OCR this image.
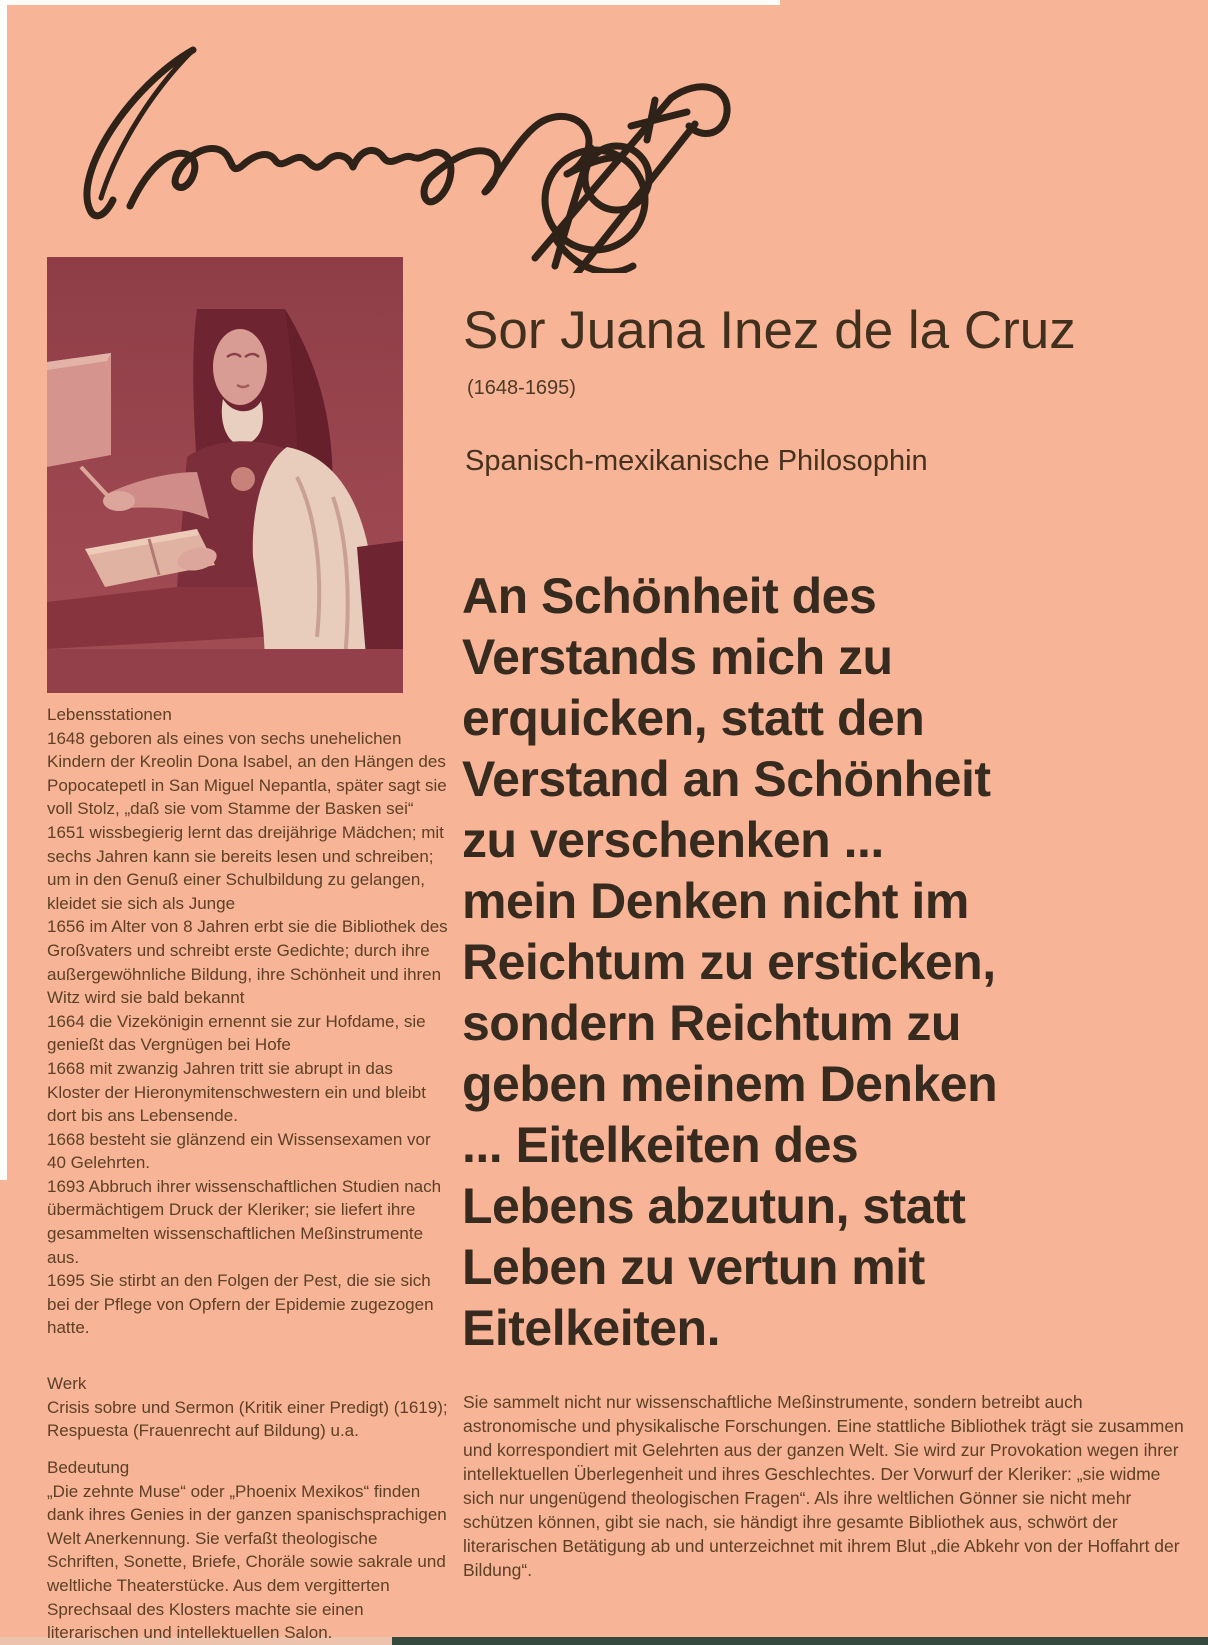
Sor Juana Inez de la Cruz
(1648-1695)
Spanisch-mexikanische Philosophin
An Schönheit des
Verstands mich zu
erquicken, statt den
Verstand an Schönheit
zu verschenken ...
mein Denken nicht im
Reichtum zu ersticken,
sondern Reichtum zu
geben meinem Denken
... Eitelkeiten des
Lebens abzutun, statt
Leben zu vertun mit
Eitelkeiten.
Lebensstationen
1648 geboren als eines von sechs unehelichen Kindern der Kreolin Dona Isabel, an den Hängen des Popocatepetl in San Miguel Nepantla, später sagt sie voll Stolz, „daß sie vom Stamme der Basken sei“
1651 wissbegierig lernt das dreijährige Mädchen; mit sechs Jahren kann sie bereits lesen und schreiben; um in den Genuß einer Schulbildung zu gelangen, kleidet sie sich als Junge
1656 im Alter von 8 Jahren erbt sie die Bibliothek des Großvaters und schreibt erste Gedichte; durch ihre außergewöhnliche Bildung, ihre Schönheit und ihren Witz wird sie bald bekannt
1664 die Vizekönigin ernennt sie zur Hofdame, sie genießt das Vergnügen bei Hofe
1668 mit zwanzig Jahren tritt sie abrupt in das Kloster der Hieronymitenschwestern ein und bleibt dort bis ans Lebensende.
1668 besteht sie glänzend ein Wissensexamen vor 40 Gelehrten.
1693 Abbruch ihrer wissenschaftlichen Studien nach übermächtigem Druck der Kleriker; sie liefert ihre gesammelten wissenschaftlichen Meßinstrumente aus.
1695 Sie stirbt an den Folgen der Pest, die sie sich bei der Pflege von Opfern der Epidemie zugezogen hatte.
Werk
Crisis sobre und Sermon (Kritik einer Predigt) (1619); Respuesta (Frauenrecht auf Bildung) u.a.
Bedeutung
„Die zehnte Muse“ oder „Phoenix Mexikos“ finden dank ihres Genies in der ganzen spanischsprachigen Welt Anerkennung. Sie verfaßt theologische Schriften, Sonette, Briefe, Choräle sowie sakrale und weltliche Theaterstücke. Aus dem vergitterten Sprechsaal des Klosters machte sie einen literarischen und intellektuellen Salon.
Sie sammelt nicht nur wissenschaftliche Meßinstrumente, sondern betreibt auch astronomische und physikalische Forschungen. Eine stattliche Bibliothek trägt sie zusammen und korrespondiert mit Gelehrten aus der ganzen Welt. Sie wird zur Provokation wegen ihrer intellektuellen Überlegenheit und ihres Geschlechtes. Der Vorwurf der Kleriker: „sie widme sich nur ungenügend theologischen Fragen“. Als ihre weltlichen Gönner sie nicht mehr schützen können, gibt sie nach, sie händigt ihre gesamte Bibliothek aus, schwört der literarischen Betätigung ab und unterzeichnet mit ihrem Blut „die Abkehr von der Hoffahrt der Bildung“.
